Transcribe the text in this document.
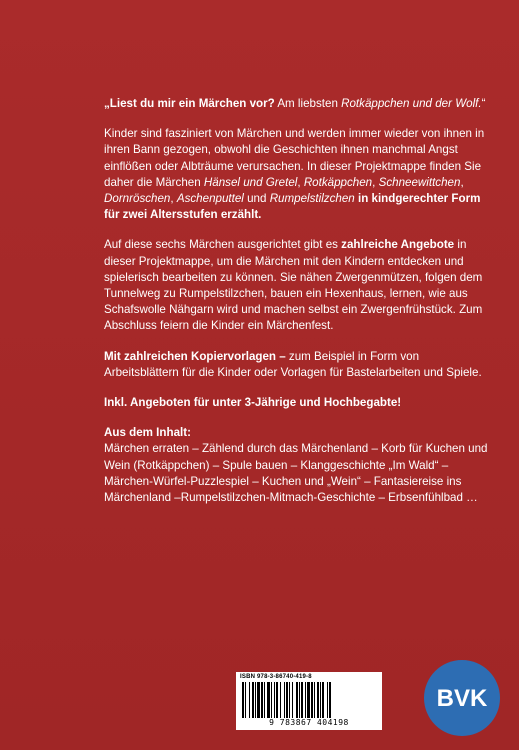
„Liest du mir ein Märchen vor? Am liebsten Rotkäppchen und der Wolf.“

Kinder sind fasziniert von Märchen und werden immer wieder von ihnen in ihren Bann gezogen, obwohl die Geschichten ihnen manchmal Angst einflößen oder Albträume verursachen. In dieser Projektmappe finden Sie daher die Märchen Hänsel und Gretel, Rotkäppchen, Schneewittchen, Dornröschen, Aschenputtel und Rumpelstilzchen in kindgerechter Form für zwei Altersstufen erzählt.

Auf diese sechs Märchen ausgerichtet gibt es zahlreiche Angebote in dieser Projektmappe, um die Märchen mit den Kindern entdecken und spielerisch bearbeiten zu können. Sie nähen Zwergenmützen, folgen dem Tunnelweg zu Rumpelstilzchen, bauen ein Hexenhaus, lernen, wie aus Schafswolle Nähgarn wird und machen selbst ein Zwergenfrühstück. Zum Abschluss feiern die Kinder ein Märchenfest.

Mit zahlreichen Kopiervorlagen – zum Beispiel in Form von Arbeitsblättern für die Kinder oder Vorlagen für Bastelarbeiten und Spiele.

Inkl. Angeboten für unter 3-Jährige und Hochbegabte!

Aus dem Inhalt:
Märchen erraten – Zählend durch das Märchenland – Korb für Kuchen und Wein (Rotkäppchen) – Spule bauen – Klanggeschichte „Im Wald“ – Märchen-Würfel-Puzzlespiel – Kuchen und „Wein“ – Fantasiereise ins Märchenland –Rumpelstilzchen-Mitmach-Geschichte – Erbsenfühlbad …

ISBN 978-3-86740-419-8
9 783867 404198
BVK
